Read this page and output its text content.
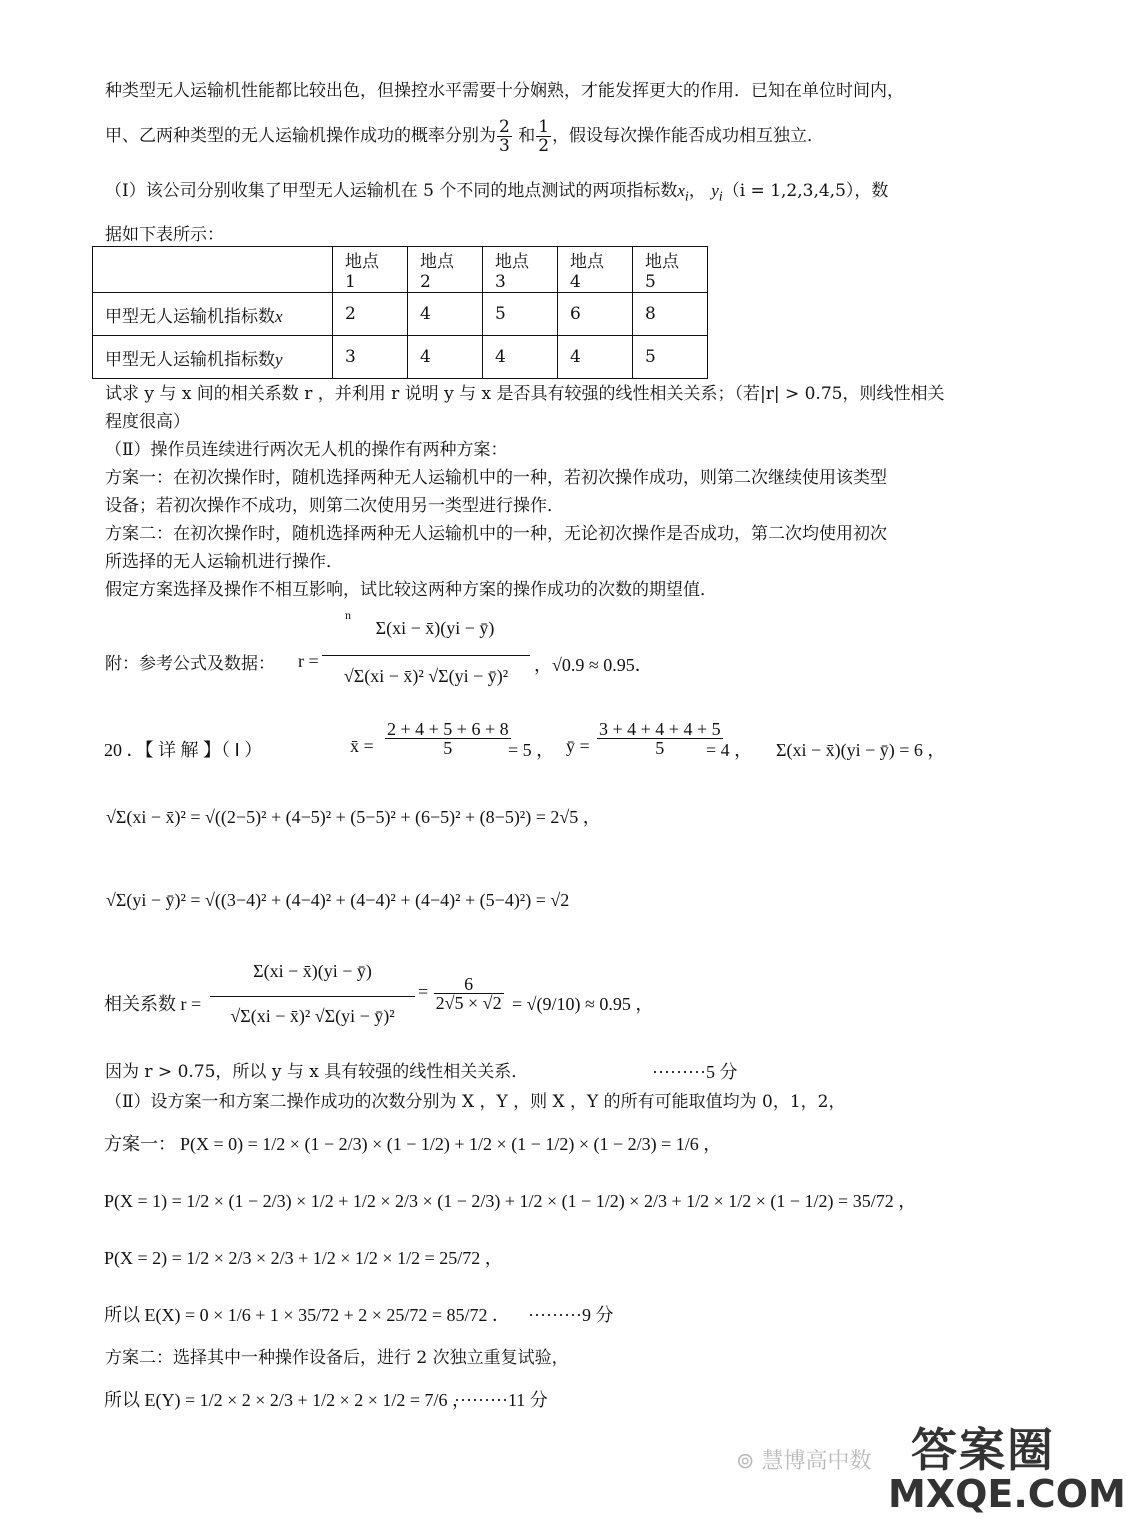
种类型无人运输机性能都比较出色，但操控水平需要十分娴熟，才能发挥更大的作用．已知在单位时间内，
甲、乙两种类型的无人运输机操作成功的概率分别为 $\frac{2}{3}$ 和 $\frac{1}{2}$ ，假设每次操作能否成功相互独立．
（Ⅰ）该公司分别收集了甲型无人运输机在 5 个不同的地点测试的两项指标数$x_i$， $y_i(i = 1,2,3,4,5)$，数
据如下表所示：
	地点 1	地点 2	地点 3	地点 4	地点 5
甲型无人运输机指标数x	2	4	5	6	8
甲型无人运输机指标数y	3	4	4	4	5
试求 y 与 x 间的相关系数 r ，并利用 r 说明 y 与 x 是否具有较强的线性相关关系；（若|r| > 0.75，则线性相关
程度很高）
（Ⅱ）操作员连续进行两次无人机的操作有两种方案：
方案一：在初次操作时，随机选择两种无人运输机中的一种，若初次操作成功，则第二次继续使用该类型
设备；若初次操作不成功，则第二次使用另一类型进行操作．
方案二：在初次操作时，随机选择两种无人运输机中的一种，无论初次操作是否成功，第二次均使用初次
所选择的无人运输机进行操作．
假定方案选择及操作不相互影响，试比较这两种方案的操作成功的次数的期望值．
附：参考公式及数据：	r =
n
Σ(xi − x̄)(yi − ȳ)
√Σ(xi − x̄)² √Σ(yi − ȳ)²
，√0.9 ≈ 0.95．
20 ．【 详 解 】（ Ⅰ ）	x̄ = $\frac{2 + 4 + 5 + 6 + 8}{5}$
= 5 ， ȳ = $\frac{3 + 4 + 4 + 4 + 5}{5}$
= 4 ， Σ(xi − x̄)(yi − ȳ) = 6 ，
√Σ(xi − x̄)² = √((2−5)² + (4−5)² + (5−5)² + (6−5)² + (8−5)²) = 2√5 ，
√Σ(yi − ȳ)² = √((3−4)² + (4−4)² + (4−4)² + (4−4)² + (5−4)²) = √2
相关系数 r =
Σ(xi − x̄)(yi − ȳ)
√Σ(xi − x̄)² √Σ(yi − ȳ)²
= $\frac{6}{2√5 \times √2} = √(9/10) \approx 0.95$ ，
因为 r > 0.75，所以 y 与 x 具有较强的线性相关关系．	·········5 分
（Ⅱ）设方案一和方案二操作成功的次数分别为 X ，Y ，则 X ，Y 的所有可能取值均为 0，1，2，
方案一： P(X = 0) = 1/2 × (1 − 2/3) × (1 − 1/2) + 1/2 × (1 − 1/2) × (1 − 2/3) = 1/6 ，
P(X = 1) = 1/2 × (1 − 2/3) × 1/2 + 1/2 × 2/3 × (1 − 2/3) + 1/2 × (1 − 1/2) × 2/3 + 1/2 × 1/2 × (1 − 1/2) = 35/72 ，
P(X = 2) = 1/2 × 2/3 × 2/3 + 1/2 × 1/2 × 1/2 = 25/72 ，
所以 E(X) = 0 × 1/6 + 1 × 35/72 + 2 × 25/72 = 85/72 ． ·········9 分
方案二：选择其中一种操作设备后，进行 2 次独立重复试验，
所以 E(Y) = 1/2 × 2 × 2/3 + 1/2 × 2 × 1/2 = 7/6 ，
·········11 分
⊚ 慧博高中数 答案圈
MXQE.COM
